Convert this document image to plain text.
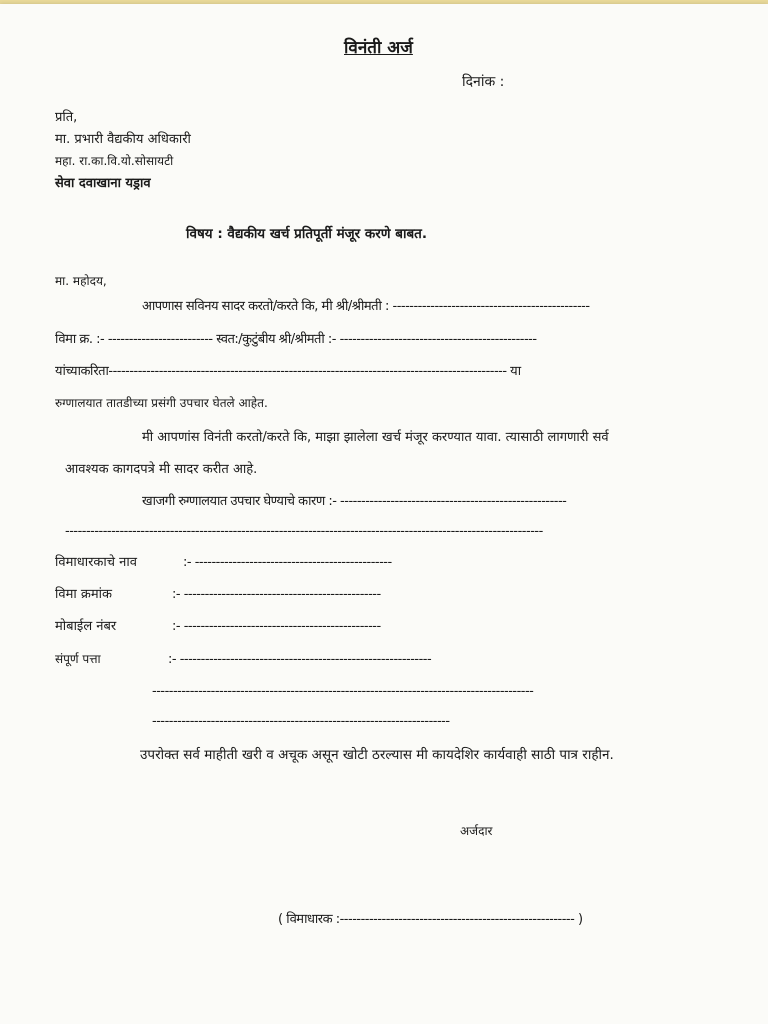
विनंती अर्ज
दिनांक :
प्रति,
मा. प्रभारी वैद्यकीय अधिकारी
महा. रा.का.वि.यो.सोसायटी
सेवा दवाखाना यड्राव
विषय : वैद्यकीय खर्च प्रतिपूर्ती मंजूर करणे बाबत.
मा. महोदय,
आपणास सविनय सादर करतो/करते कि, मी श्री/श्रीमती : -----------------------------------------------
विमा क्र. :- ------------------------- स्वत:/कुटुंबीय श्री/श्रीमती :- -----------------------------------------------
यांच्याकरिता----------------------------------------------------------------------------------------------- या
रुग्णालयात तातडीच्या प्रसंगी उपचार घेतले आहेत.
मी आपणांस विनंती करतो/करते कि, माझा झालेला खर्च मंजूर करण्यात यावा. त्यासाठी लागणारी सर्व
आवश्यक कागदपत्रे मी सादर करीत आहे.
खाजगी रुग्णालयात उपचार घेण्याचे कारण :- ------------------------------------------------------
------------------------------------------------------------------------------------------------------------------
विमाधारकाचे नाव	:- -----------------------------------------------
विमा क्रमांक	:- -----------------------------------------------
मोबाईल नंबर	:- -----------------------------------------------
संपूर्ण पत्ता	:- ------------------------------------------------------------
-------------------------------------------------------------------------------------------
-----------------------------------------------------------------------
उपरोक्त सर्व माहीती खरी व अचूक असून खोटी ठरल्यास मी कायदेशिर कार्यवाही साठी पात्र राहीन.
अर्जदार
( विमाधारक :-------------------------------------------------------- )
